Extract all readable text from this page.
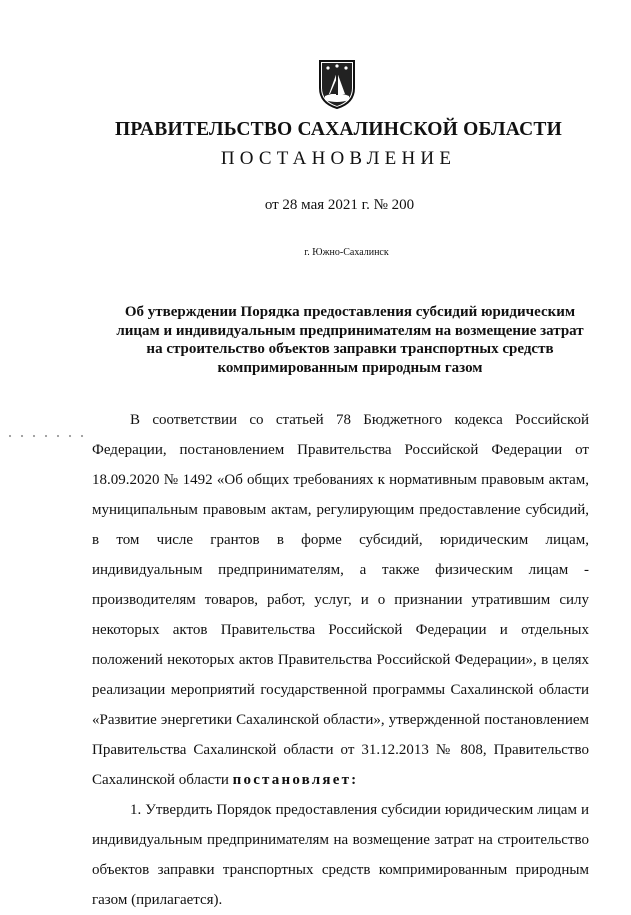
ПРАВИТЕЛЬСТВО САХАЛИНСКОЙ ОБЛАСТИ
ПОСТАНОВЛЕНИЕ
от 28 мая 2021 г. № 200
г. Южно-Сахалинск
Об утверждении Порядка предоставления субсидий юридическим лицам и индивидуальным предпринимателям на возмещение затрат на строительство объектов заправки транспортных средств компримированным природным газом

В соответствии со статьей 78 Бюджетного кодекса Российской Федерации, постановлением Правительства Российской Федерации от 18.09.2020 № 1492 «Об общих требованиях к нормативным правовым актам, муниципальным правовым актам, регулирующим предоставление субсидий, в том числе грантов в форме субсидий, юридическим лицам, индивидуальным предпринимателям, а также физическим лицам - производителям товаров, работ, услуг, и о признании утратившим силу некоторых актов Правительства Российской Федерации и отдельных положений некоторых актов Правительства Российской Федерации», в целях реализации мероприятий государственной программы Сахалинской области «Развитие энергетики Сахалинской области», утвержденной постановлением Правительства Сахалинской области от 31.12.2013 № 808, Правительство Сахалинской области постановляет:

1. Утвердить Порядок предоставления субсидии юридическим лицам и индивидуальным предпринимателям на возмещение затрат на строительство объектов заправки транспортных средств компримированным природным газом (прилагается).
